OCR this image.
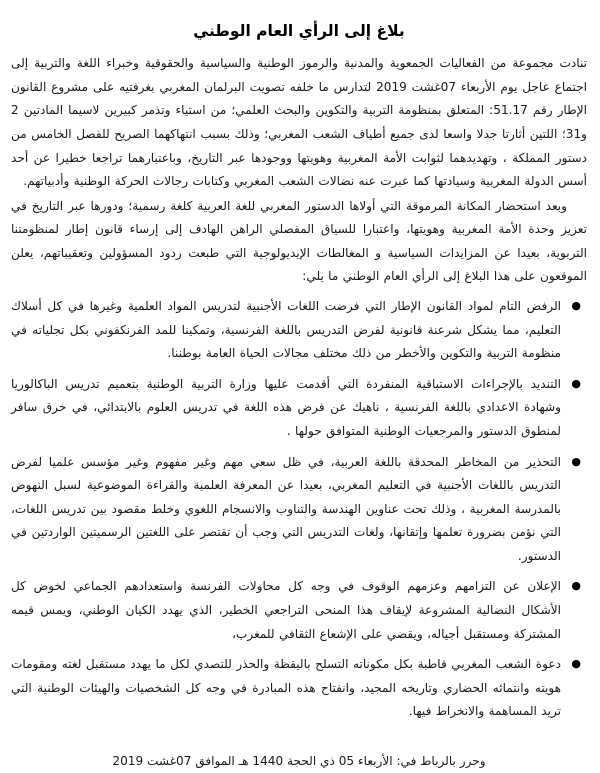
بلاغ إلى الرأي العام الوطني

تنادت مجموعة من الفعاليات الجمعوية والمدنية والرموز الوطنية والسياسية والحقوقية وخبراء اللغة والتربية إلى اجتماع عاجل يوم الأربعاء 07غشت 2019 لتدارس ما خلفه تصويت البرلمان المغربي بغرفتيه على مشروع القانون الإطار رقم 51.17: المتعلق بمنظومة التربية والتكوين والبحث العلمي؛ من استياء وتذمر كبيرين لاسيما المادتين 2 و31؛ اللتين أثارتا جدلا واسعا لدى جميع أطياف الشعب المغربي؛ وذلك بسبب انتهاكهما الصريح للفصل الخامس من دستور المملكة ، وتهديدهما لثوابت الأمة المغربية وهويتها ووجودها عبر التاريخ، وباعتبارهما تراجعا خطيرا عن أحد أسس الدولة المغربية وسيادتها كما عبرت عنه نضالات الشعب المغربي وكتابات رجالات الحركة الوطنية وأدبياتهم.

وبعد استحضار المكانة المرموقة التي أولاها الدستور المغربي للغة العربية كلغة رسمية؛ ودورها عبر التاريخ في تعزيز وحدة الأمة المغربية وهويتها، واعتبارا للسياق المفصلي الراهن الهادف إلى إرساء قانون إطار لمنظومتنا التربوية، بعيدا عن المزايدات السياسية و المغالطات الإيديولوجية التي طبعت ردود المسؤولين وتعقيباتهم، يعلن الموقعون على هذا البلاغ إلى الرأي العام الوطني ما يلي:

●
الرفض التام لمواد القانون الإطار التي فرضت اللغات الأجنبية لتدريس المواد العلمية وغيرها في كل أسلاك التعليم، مما يشكل شرعنة قانونية لفرض التدريس باللغة الفرنسية، وتمكينا للمد الفرنكفوني بكل تجلياته في منظومة التربية والتكوين والأخطر من ذلك مختلف مجالات الحياة العامة بوطننا.
●
التنديد بالإجراءات الاستباقية المنفردة التي أقدمت عليها وزارة التربية الوطنية بتعميم تدريس الباكالوريا وشهادة الاعدادي باللغة الفرنسية ، ناهيك عن فرض هذه اللغة في تدريس العلوم بالابتدائي، في خرق سافر لمنطوق الدستور والمرجعيات الوطنية المتوافق حولها .
●
التحذير من المخاطر المحدقة باللغة العربية، في ظل سعي مهم وغير مفهوم وغير مؤسس علميا لفرض التدريس باللغات الأجنبية في التعليم المغربي، بعيدا عن المعرفة العلمية والقراءة الموضوعية لسبل النهوض بالمدرسة المغربية ، وذلك تحت عناوين الهندسة والتناوب والانسجام اللغوي وخلط مقصود بين تدريس اللغات، التي نؤمن بضرورة تعلمها وإتقانها، ولغات التدريس التي وجب أن تقتصر على اللغتين الرسميتين الواردتين في الدستور.
●
الإعلان عن التزامهم وعزمهم الوقوف في وجه كل محاولات الفرنسة واستعدادهم الجماعي لخوض كل الأشكال النضالية المشروعة لإيقاف هذا المنحى التراجعي الخطير، الذي يهدد الكيان الوطني، ويمس قيمه المشتركة ومستقبل أجياله، ويقضي على الإشعاع الثقافي للمغرب،
●
دعوة الشعب المغربي قاطبة بكل مكوناته التسلح باليقظة والحذر للتصدي لكل ما يهدد مستقبل لغته ومقومات هويته وانتمائه الحضاري وتاريخه المجيد، وانفتاح هذه المبادرة في وجه كل الشخصيات والهيئات الوطنية التي تريد المساهمة والانخراط فيها.

وحرر بالرباط في: الأربعاء 05 ذي الحجة 1440 هـ الموافق 07غشت 2019
